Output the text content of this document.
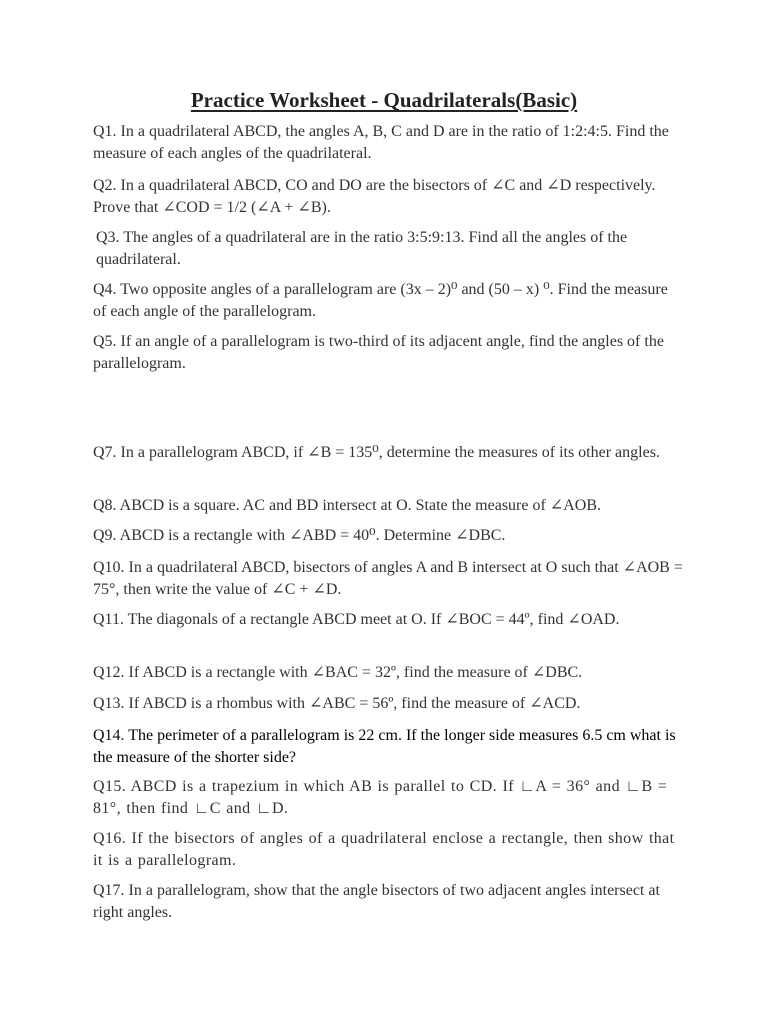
Practice Worksheet - Quadrilaterals(Basic)

Q1. In a quadrilateral ABCD, the angles A, B, C and D are in the ratio of 1:2:4:5. Find the measure of each angles of the quadrilateral.

Q2. In a quadrilateral ABCD, CO and DO are the bisectors of ∠C and ∠D respectively. Prove that ∠COD = 1/2 (∠A + ∠B).

Q3. The angles of a quadrilateral are in the ratio 3:5:9:13. Find all the angles of the quadrilateral.

Q4. Two opposite angles of a parallelogram are (3x – 2)⁰ and (50 – x) ⁰. Find the measure of each angle of the parallelogram.

Q5. If an angle of a parallelogram is two-third of its adjacent angle, find the angles of the parallelogram.

Q7. In a parallelogram ABCD, if ∠B = 135⁰, determine the measures of its other angles.

Q8. ABCD is a square. AC and BD intersect at O. State the measure of ∠AOB.

Q9. ABCD is a rectangle with ∠ABD = 40⁰. Determine ∠DBC.

Q10. In a quadrilateral ABCD, bisectors of angles A and B intersect at O such that ∠AOB = 75°, then write the value of ∠C + ∠D.

Q11. The diagonals of a rectangle ABCD meet at O. If ∠BOC = 44º, find ∠OAD.

Q12. If ABCD is a rectangle with ∠BAC = 32º, find the measure of ∠DBC.

Q13. If ABCD is a rhombus with ∠ABC = 56º, find the measure of ∠ACD.

Q14. The perimeter of a parallelogram is 22 cm. If the longer side measures 6.5 cm what is the measure of the shorter side?

Q15. ABCD is a trapezium in which AB is parallel to CD. If ∟A = 36° and ∟B = 81°, then find ∟C and ∟D.

Q16. If the bisectors of angles of a quadrilateral enclose a rectangle, then show that it is a parallelogram.

Q17. In a parallelogram, show that the angle bisectors of two adjacent angles intersect at right angles.
